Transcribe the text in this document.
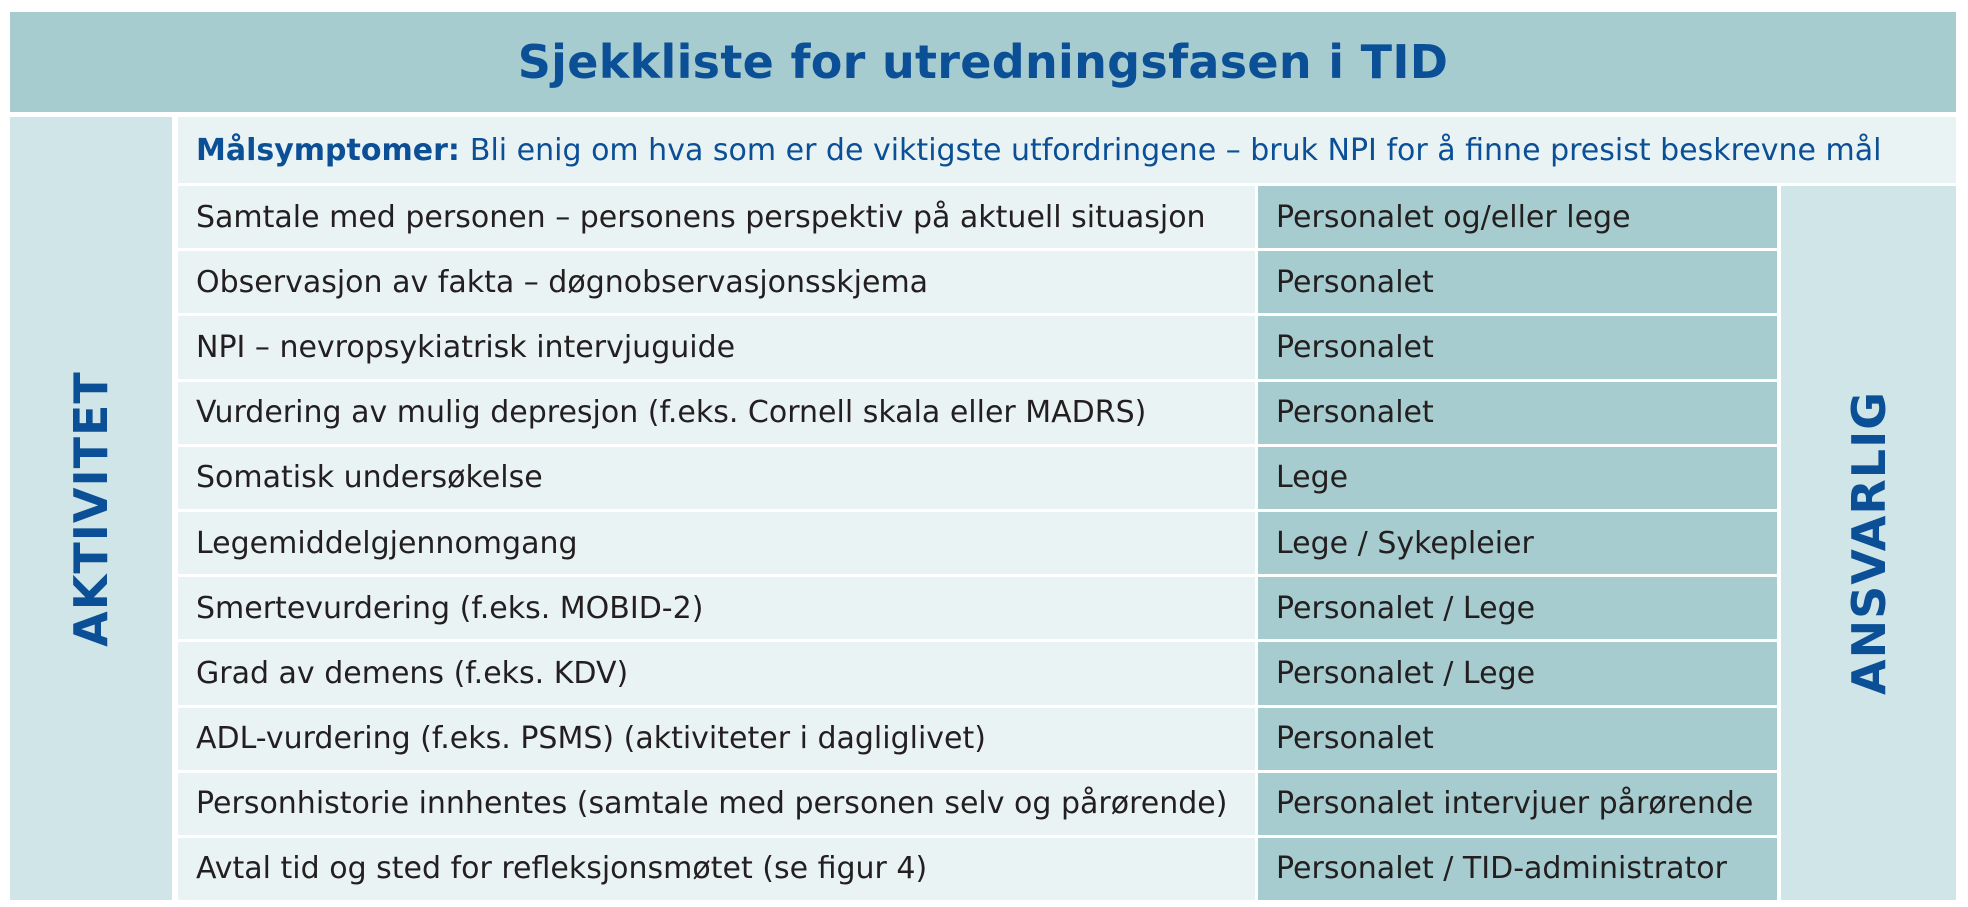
Sjekkliste for utredningsfasen i TID
AKTIVITET
Målsymptomer: Bli enig om hva som er de viktigste utfordringene – bruk NPI for å finne presist beskrevne mål
Samtale med personen – personens perspektiv på aktuell situasjon	Personalet og/eller lege
Observasjon av fakta – døgnobservasjonsskjema	Personalet
NPI – nevropsykiatrisk intervjuguide	Personalet
Vurdering av mulig depresjon (f.eks. Cornell skala eller MADRS)	Personalet
Somatisk undersøkelse	Lege
Legemiddelgjennomgang	Lege / Sykepleier
Smertevurdering (f.eks. MOBID-2)	Personalet / Lege
Grad av demens (f.eks. KDV)	Personalet / Lege
ADL-vurdering (f.eks. PSMS) (aktiviteter i dagliglivet)	Personalet
Personhistorie innhentes (samtale med personen selv og pårørende)	Personalet intervjuer pårørende
Avtal tid og sted for refleksjonsmøtet (se figur 4)	Personalet / TID-administrator
ANSVARLIG
